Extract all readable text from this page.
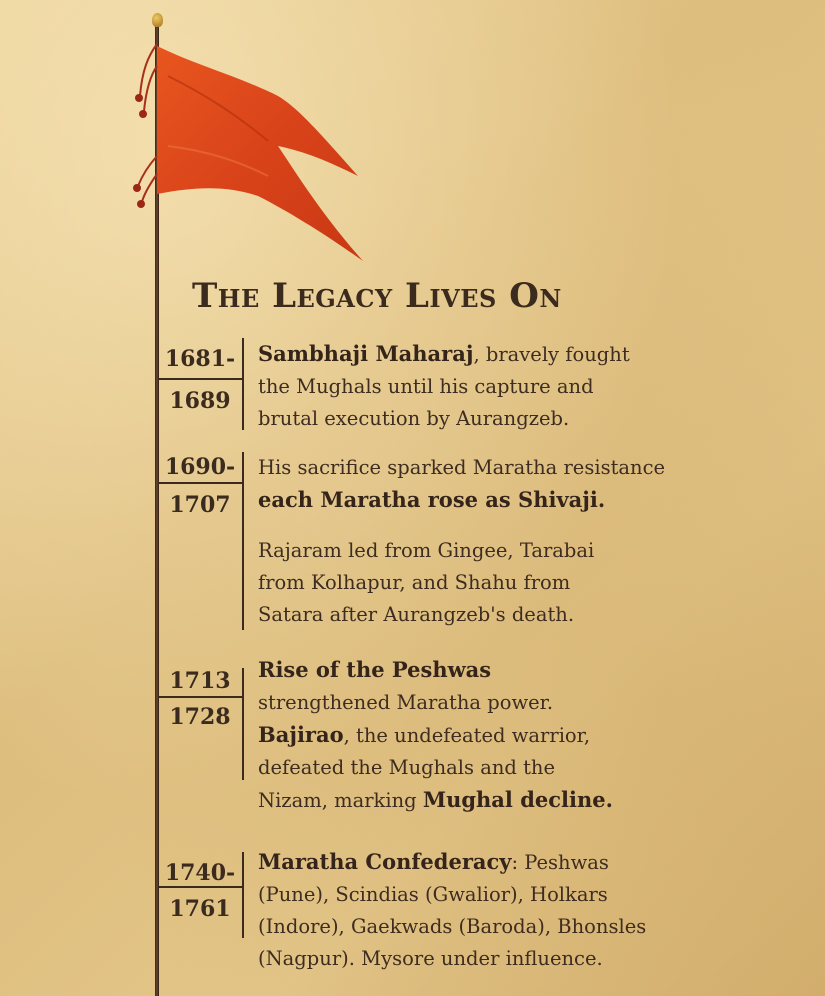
The Legacy Lives On
1681-
1689
Sambhaji Maharaj, bravely fought
the Mughals until his capture and
brutal execution by Aurangzeb.
1690-
1707
His sacrifice sparked Maratha resistance
each Maratha rose as Shivaji.
Rajaram led from Gingee, Tarabai
from Kolhapur, and Shahu from
Satara after Aurangzeb's death.
1713
1728
Rise of the Peshwas
strengthened Maratha power.
Bajirao, the undefeated warrior,
defeated the Mughals and the
Nizam, marking Mughal decline.
1740-
1761
Maratha Confederacy: Peshwas
(Pune), Scindias (Gwalior), Holkars
(Indore), Gaekwads (Baroda), Bhonsles
(Nagpur). Mysore under influence.
